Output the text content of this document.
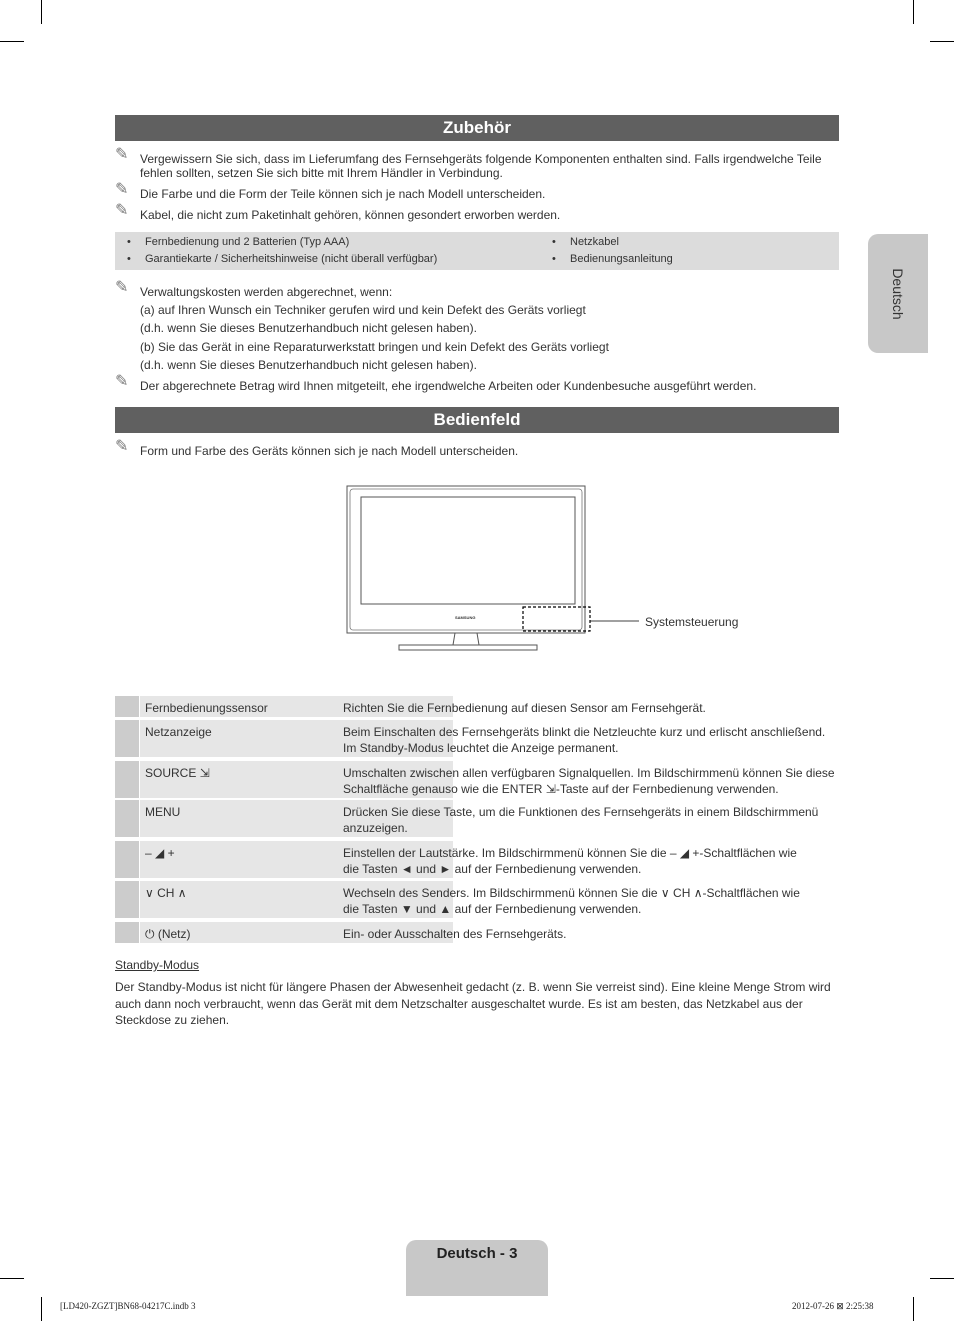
Zubehör
✎ Vergewissern Sie sich, dass im Lieferumfang des Fernsehgeräts folgende Komponenten enthalten sind. Falls irgendwelche Teile fehlen sollten, setzen Sie sich bitte mit Ihrem Händler in Verbindung.
✎ Die Farbe und die Form der Teile können sich je nach Modell unterscheiden.
✎ Kabel, die nicht zum Paketinhalt gehören, können gesondert erworben werden.
• Fernbedienung und 2 Batterien (Typ AAA)	• Netzkabel
• Garantiekarte / Sicherheitshinweise (nicht überall verfügbar)	• Bedienungsanleitung
✎ Verwaltungskosten werden abgerechnet, wenn:
(a) auf Ihren Wunsch ein Techniker gerufen wird und kein Defekt des Geräts vorliegt
(d.h. wenn Sie dieses Benutzerhandbuch nicht gelesen haben).
(b) Sie das Gerät in eine Reparaturwerkstatt bringen und kein Defekt des Geräts vorliegt
(d.h. wenn Sie dieses Benutzerhandbuch nicht gelesen haben).
✎ Der abgerechnete Betrag wird Ihnen mitgeteilt, ehe irgendwelche Arbeiten oder Kundenbesuche ausgeführt werden.
Bedienfeld
✎ Form und Farbe des Geräts können sich je nach Modell unterscheiden.
SAMSUNG	Systemsteuerung
Fernbedienungssensor	Richten Sie die Fernbedienung auf diesen Sensor am Fernsehgerät.
Netzanzeige	Beim Einschalten des Fernsehgeräts blinkt die Netzleuchte kurz und erlischt anschließend.
Im Standby-Modus leuchtet die Anzeige permanent.
SOURCE ⇲	Umschalten zwischen allen verfügbaren Signalquellen. Im Bildschirmmenü können Sie diese
Schaltfläche genauso wie die ENTER ⇲-Taste auf der Fernbedienung verwenden.
MENU	Drücken Sie diese Taste, um die Funktionen des Fernsehgeräts in einem Bildschirmmenü
anzuzeigen.
– ◢ +	Einstellen der Lautstärke. Im Bildschirmmenü können Sie die – ◢ +-Schaltflächen wie
die Tasten ◄ und ► auf der Fernbedienung verwenden.
∨ CH ∧	Wechseln des Senders. Im Bildschirmmenü können Sie die ∨ CH ∧-Schaltflächen wie
die Tasten ▼ und ▲ auf der Fernbedienung verwenden.
⏻ (Netz)	Ein- oder Ausschalten des Fernsehgeräts.
Standby-Modus
Der Standby-Modus ist nicht für längere Phasen der Abwesenheit gedacht (z. B. wenn Sie verreist sind). Eine kleine Menge Strom wird auch dann noch verbraucht, wenn das Gerät mit dem Netzschalter ausgeschaltet wurde. Es ist am besten, das Netzkabel aus der Steckdose zu ziehen.
Deutsch
Deutsch - 3
[LD420-ZGZT]BN68-04217C.indb 3	2012-07-26 ⊠ 2:25:38
